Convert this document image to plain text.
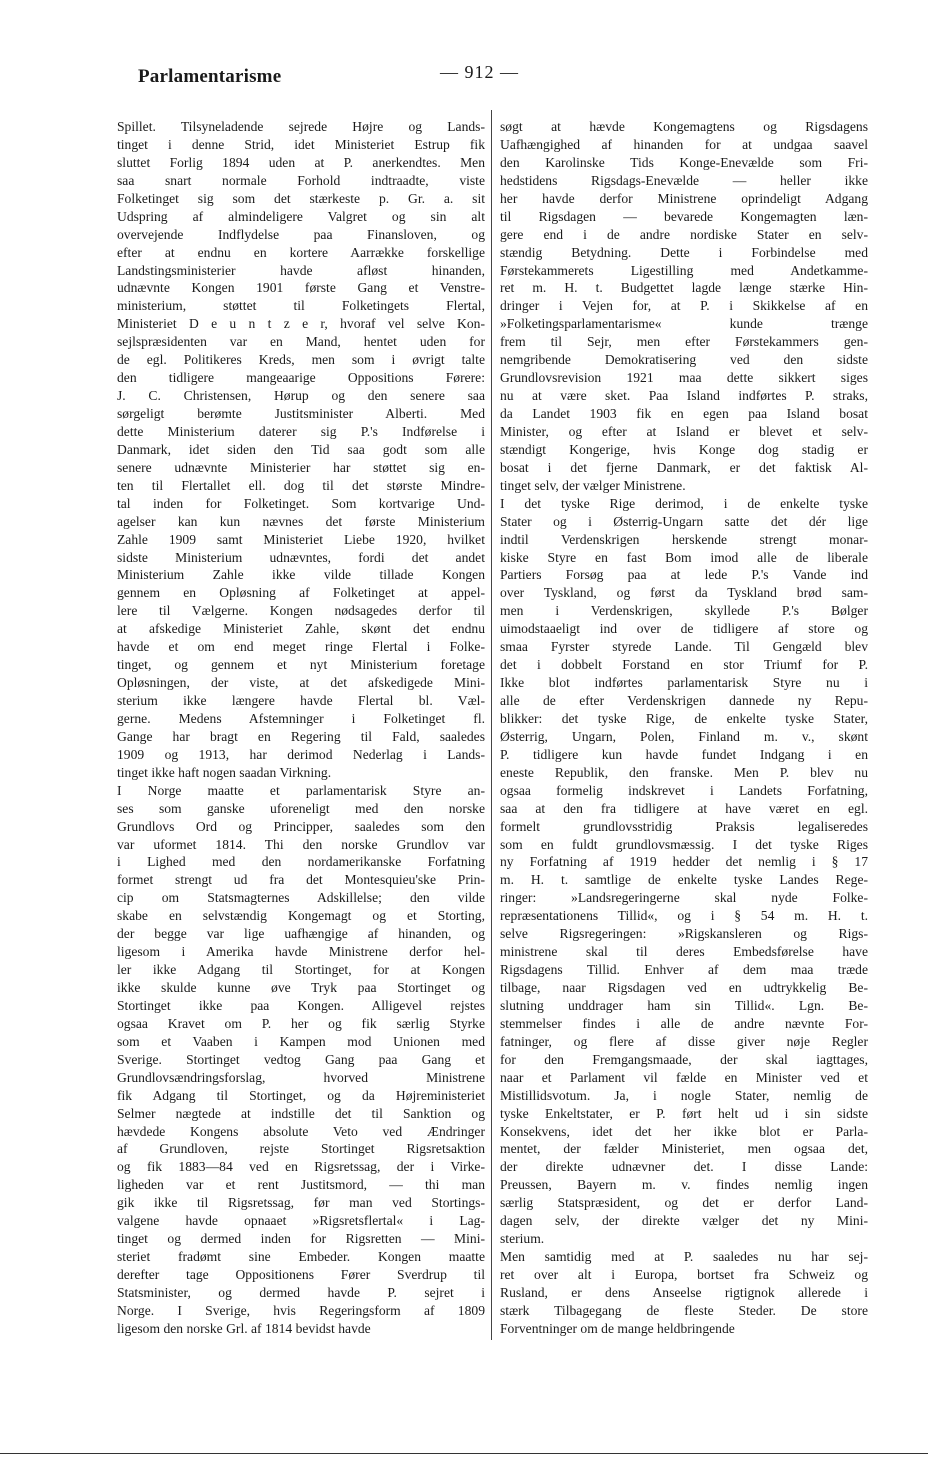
Parlamentarisme	— 912 —
Spillet. Tilsyneladende sejrede Højre og Lands-
tinget i denne Strid, idet Ministeriet Estrup fik
sluttet Forlig 1894 uden at P. anerkendtes. Men
saa snart normale Forhold indtraadte, viste
Folketinget sig som det stærkeste p. Gr. a. sit
Udspring af almindeligere Valgret og sin alt
overvejende Indflydelse paa Finansloven, og
efter at endnu en kortere Aarrække forskellige
Landstingsministerier havde afløst hinanden,
udnævnte Kongen 1901 første Gang et Venstre-
ministerium, støttet til Folketingets Flertal,
Ministeriet D e u n t z e r, hvoraf vel selve Kon-
sejlspræsidenten var en Mand, hentet uden for
de egl. Politikeres Kreds, men som i øvrigt talte
den tidligere mangeaarige Oppositions Førere:
J. C. Christensen, Hørup og den senere saa
sørgeligt berømte Justitsminister Alberti. Med
dette Ministerium daterer sig P.'s Indførelse i
Danmark, idet siden den Tid saa godt som alle
senere udnævnte Ministerier har støttet sig en-
ten til Flertallet ell. dog til det største Mindre-
tal inden for Folketinget. Som kortvarige Und-
agelser kan kun nævnes det første Ministerium
Zahle 1909 samt Ministeriet Liebe 1920, hvilket
sidste Ministerium udnævntes, fordi det andet
Ministerium Zahle ikke vilde tillade Kongen
gennem en Opløsning af Folketinget at appel-
lere til Vælgerne. Kongen nødsagedes derfor til
at afskedige Ministeriet Zahle, skønt det endnu
havde et om end meget ringe Flertal i Folke-
tinget, og gennem et nyt Ministerium foretage
Opløsningen, der viste, at det afskedigede Mini-
sterium ikke længere havde Flertal bl. Væl-
gerne. Medens Afstemninger i Folketinget fl.
Gange har bragt en Regering til Fald, saaledes
1909 og 1913, har derimod Nederlag i Lands-
tinget ikke haft nogen saadan Virkning.
I Norge maatte et parlamentarisk Styre an-
ses som ganske uforeneligt med den norske
Grundlovs Ord og Principper, saaledes som den
var uformet 1814. Thi den norske Grundlov var
i Lighed med den nordamerikanske Forfatning
formet strengt ud fra det Montesquieu'ske Prin-
cip om Statsmagternes Adskillelse; den vilde
skabe en selvstændig Kongemagt og et Storting,
der begge var lige uafhængige af hinanden, og
ligesom i Amerika havde Ministrene derfor hel-
ler ikke Adgang til Stortinget, for at Kongen
ikke skulde kunne øve Tryk paa Stortinget og
Stortinget ikke paa Kongen. Alligevel rejstes
ogsaa Kravet om P. her og fik særlig Styrke
som et Vaaben i Kampen mod Unionen med
Sverige. Stortinget vedtog Gang paa Gang et
Grundlovsændringsforslag, hvorved Ministrene
fik Adgang til Stortinget, og da Højreministeriet
Selmer nægtede at indstille det til Sanktion og
hævdede Kongens absolute Veto ved Ændringer
af Grundloven, rejste Stortinget Rigsretsaktion
og fik 1883—84 ved en Rigsretssag, der i Virke-
ligheden var et rent Justitsmord, — thi man
gik ikke til Rigsretssag, før man ved Stortings-
valgene havde opnaaet »Rigsretsflertal« i Lag-
tinget og dermed inden for Rigsretten — Mini-
steriet fradømt sine Embeder. Kongen maatte
derefter tage Oppositionens Fører Sverdrup til
Statsminister, og dermed havde P. sejret i
Norge. I Sverige, hvis Regeringsform af 1809
ligesom den norske Grl. af 1814 bevidst havde
søgt at hævde Kongemagtens og Rigsdagens
Uafhængighed af hinanden for at undgaa saavel
den Karolinske Tids Konge-Enevælde som Fri-
hedstidens Rigsdags-Enevælde — heller ikke
her havde derfor Ministrene oprindeligt Adgang
til Rigsdagen — bevarede Kongemagten læn-
gere end i de andre nordiske Stater en selv-
stændig Betydning. Dette i Forbindelse med
Førstekammerets Ligestilling med Andetkamme-
ret m. H. t. Budgettet lagde længe stærke Hin-
dringer i Vejen for, at P. i Skikkelse af en
»Folketingsparlamentarisme« kunde trænge
frem til Sejr, men efter Førstekammers gen-
nemgribende Demokratisering ved den sidste
Grundlovsrevision 1921 maa dette sikkert siges
nu at være sket. Paa Island indførtes P. straks,
da Landet 1903 fik en egen paa Island bosat
Minister, og efter at Island er blevet et selv-
stændigt Kongerige, hvis Konge dog stadig er
bosat i det fjerne Danmark, er det faktisk Al-
tinget selv, der vælger Ministrene.
I det tyske Rige derimod, i de enkelte tyske
Stater og i Østerrig-Ungarn satte det dér lige
indtil Verdenskrigen herskende strengt monar-
kiske Styre en fast Bom imod alle de liberale
Partiers Forsøg paa at lede P.'s Vande ind
over Tyskland, og først da Tyskland brød sam-
men i Verdenskrigen, skyllede P.'s Bølger
uimodstaaeligt ind over de tidligere af store og
smaa Fyrster styrede Lande. Til Gengæld blev
det i dobbelt Forstand en stor Triumf for P.
Ikke blot indførtes parlamentarisk Styre nu i
alle de efter Verdenskrigen dannede ny Repu-
blikker: det tyske Rige, de enkelte tyske Stater,
Østerrig, Ungarn, Polen, Finland m. v., skønt
P. tidligere kun havde fundet Indgang i en
eneste Republik, den franske. Men P. blev nu
ogsaa formelig indskrevet i Landets Forfatning,
saa at den fra tidligere at have været en egl.
formelt grundlovsstridig Praksis legaliseredes
som en fuldt grundlovsmæssig. I det tyske Riges
ny Forfatning af 1919 hedder det nemlig i § 17
m. H. t. samtlige de enkelte tyske Landes Rege-
ringer: »Landsregeringerne skal nyde Folke-
repræsentationens Tillid«, og i § 54 m. H. t.
selve Rigsregeringen: »Rigskansleren og Rigs-
ministrene skal til deres Embedsførelse have
Rigsdagens Tillid. Enhver af dem maa træde
tilbage, naar Rigsdagen ved en udtrykkelig Be-
slutning unddrager ham sin Tillid«. Lgn. Be-
stemmelser findes i alle de andre nævnte For-
fatninger, og flere af disse giver nøje Regler
for den Fremgangsmaade, der skal iagttages,
naar et Parlament vil fælde en Minister ved et
Mistillidsvotum. Ja, i nogle Stater, nemlig de
tyske Enkeltstater, er P. ført helt ud i sin sidste
Konsekvens, idet det her ikke blot er Parla-
mentet, der fælder Ministeriet, men ogsaa det,
der direkte udnævner det. I disse Lande:
Preussen, Bayern m. v. findes nemlig ingen
særlig Statspræsident, og det er derfor Land-
dagen selv, der direkte vælger det ny Mini-
sterium.
Men samtidig med at P. saaledes nu har sej-
ret over alt i Europa, bortset fra Schweiz og
Rusland, er dens Anseelse rigtignok allerede i
stærk Tilbagegang de fleste Steder. De store
Forventninger om de mange heldbringende
